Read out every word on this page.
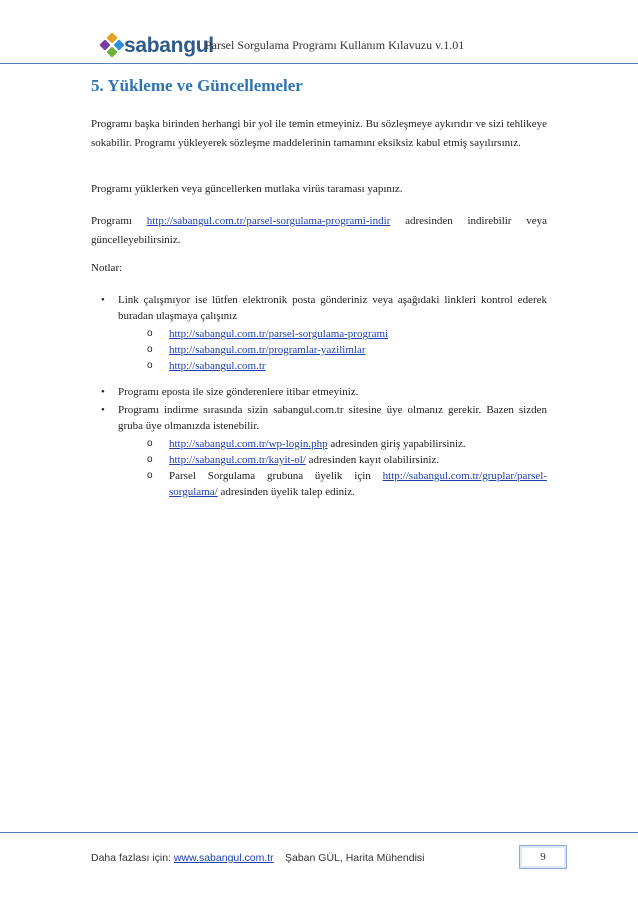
sabangul
Parsel Sorgulama Programı Kullanım Kılavuzu v.1.01
5. Yükleme ve Güncellemeler

Programı başka birinden herhangi bir yol ile temin etmeyiniz. Bu sözleşmeye aykırıdır ve sizi tehlikeye sokabilir. Programı yükleyerek sözleşme maddelerinin tamamını eksiksiz kabul etmiş sayılırsınız.

Programı yüklerken veya güncellerken mutlaka virüs taraması yapınız.

Programı http://sabangul.com.tr/parsel-sorgulama-programi-indir adresinden indirebilir veya güncelleyebilirsiniz.

Notlar:

• Link çalışmıyor ise lütfen elektronik posta gönderiniz veya aşağıdaki linkleri kontrol ederek buradan ulaşmaya çalışınız
o http://sabangul.com.tr/parsel-sorgulama-programi
o http://sabangul.com.tr/programlar-yazilimlar
o http://sabangul.com.tr
• Programı eposta ile size gönderenlere itibar etmeyiniz.
• Programı indirme sırasında sizin sabangul.com.tr sitesine üye olmanız gerekir. Bazen sizden gruba üye olmanızda istenebilir.
o http://sabangul.com.tr/wp-login.php adresinden giriş yapabilirsiniz.
o http://sabangul.com.tr/kayit-ol/ adresinden kayıt olabilirsiniz.
o Parsel Sorgulama grubuna üyelik için http://sabangul.com.tr/gruplar/parsel-sorgulama/ adresinden üyelik talep ediniz.
Daha fazlası için: www.sabangul.com.tr Şaban GÜL, Harita Mühendisi	9
